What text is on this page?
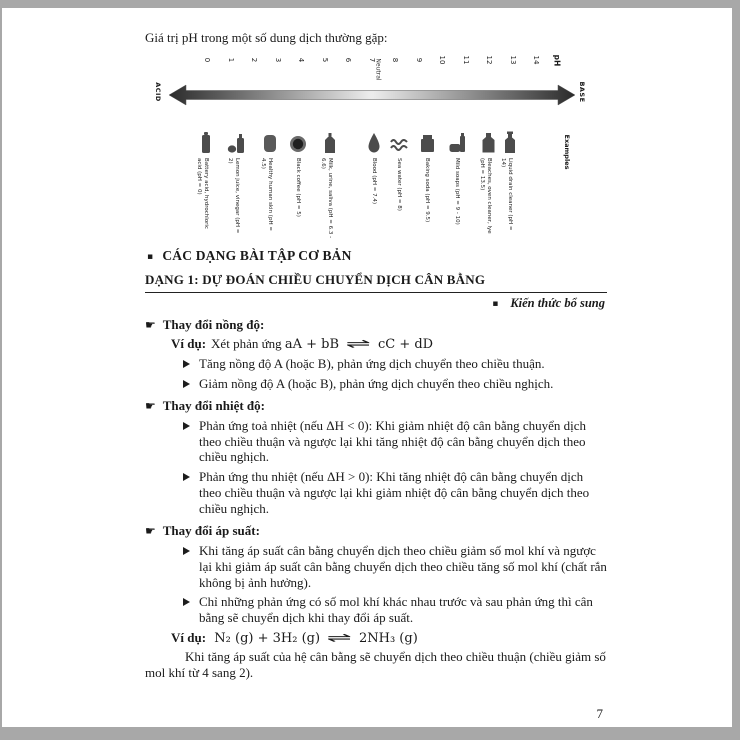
Giá trị pH trong một số dung dịch thường gặp:

0 1 2 3 4 5 6 7 8 9 10 11 12 13 14 pH
Neutral
ACID	BASE
Examples
Battery acid, hydrochloric acid (pH = 0)	Lemon juice, vinegar (pH = 2)	Healthy human skin (pH = 4.5)	Black coffee (pH = 5)	Milk, urine, saliva (pH = 6.3 - 6.6)	Blood (pH = 7.4)	Sea water (pH = 8)	Baking soda (pH = 9.5)	Mild soaps (pH = 9 - 10)	Bleaches, oven cleaner, lye (pH = 13.5)	Liquid drain cleaner (pH = 14)
▪ CÁC DẠNG BÀI TẬP CƠ BẢN
DẠNG 1: DỰ ĐOÁN CHIỀU CHUYỂN DỊCH CÂN BẰNG
▪ Kiến thức bổ sung
☛ Thay đổi nồng độ:
Ví dụ: Xét phản ứng aA + bB ⇌ cC + dD
Tăng nồng độ A (hoặc B), phản ứng dịch chuyển theo chiều thuận.
Giảm nồng độ A (hoặc B), phản ứng dịch chuyển theo chiều nghịch.
☛ Thay đổi nhiệt độ:
Phản ứng toả nhiệt (nếu ΔH < 0): Khi giảm nhiệt độ cân bằng chuyển dịch theo chiều thuận và ngược lại khi tăng nhiệt độ cân bằng chuyển dịch theo chiều nghịch.
Phản ứng thu nhiệt (nếu ΔH > 0): Khi tăng nhiệt độ cân bằng chuyển dịch theo chiều thuận và ngược lại khi giảm nhiệt độ cân bằng chuyển dịch theo chiều nghịch.
☛ Thay đổi áp suất:
Khi tăng áp suất cân bằng chuyển dịch theo chiều giảm số mol khí và ngược lại khi giảm áp suất cân bằng chuyển dịch theo chiều tăng số mol khí (chất rắn không bị ảnh hưởng).
Chỉ những phản ứng có số mol khí khác nhau trước và sau phản ứng thì cân bằng sẽ chuyển dịch khi thay đổi áp suất.
Ví dụ: N₂ (g) + 3H₂ (g) ⇌ 2NH₃ (g)

Khi tăng áp suất của hệ cân bằng sẽ chuyển dịch theo chiều thuận (chiều giảm số mol khí từ 4 sang 2).

7
